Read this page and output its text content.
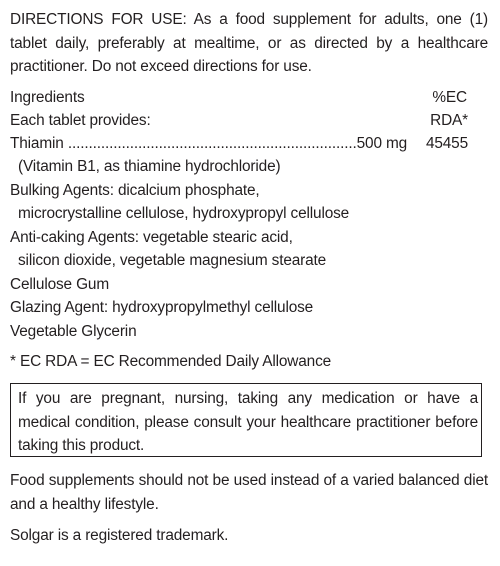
DIRECTIONS FOR USE: As a food supplement for adults, one (1) tablet daily, preferably at mealtime, or as directed by a healthcare practitioner. Do not exceed directions for use.
Ingredients	%EC
Each tablet provides:	RDA*
Thiamin ......................................................................500 mg 45455
(Vitamin B1, as thiamine hydrochloride)
Bulking Agents: dicalcium phosphate,
microcrystalline cellulose, hydroxypropyl cellulose
Anti-caking Agents: vegetable stearic acid,
silicon dioxide, vegetable magnesium stearate
Cellulose Gum
Glazing Agent: hydroxypropylmethyl cellulose
Vegetable Glycerin
* EC RDA = EC Recommended Daily Allowance
If you are pregnant, nursing, taking any medication or have a medical condition, please consult your healthcare practitioner before taking this product.
Food supplements should not be used instead of a varied balanced diet and a healthy lifestyle.
Solgar is a registered trademark.
